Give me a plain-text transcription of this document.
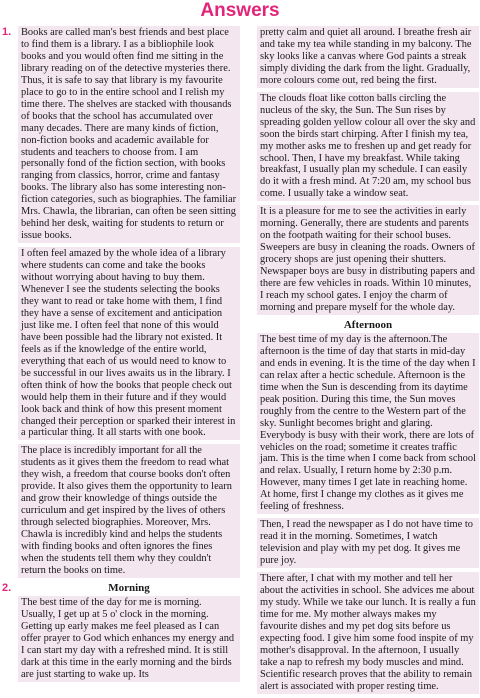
Answers
1. Books are called man's best friends and best place to find them is a library. I as a bibliophile look books and you would often find me sitting in the library reading on of the detective mysteries there. Thus, it is safe to say that library is my favourite place to go to in the entire school and I relish my time there. The shelves are stacked with thousands of books that the school has accumulated over many decades. There are many kinds of fiction, non-fiction books and academic available for students and teachers to choose from. I am personally fond of the fiction section, with books ranging from classics, horror, crime and fantasy books. The library also has some interesting non-fiction categories, such as biographies. The familiar Mrs. Chawla, the librarian, can often be seen sitting behind her desk, waiting for students to return or issue books.

I often feel amazed by the whole idea of a library where students can come and take the books without worrying about having to buy them. Whenever I see the students selecting the books they want to read or take home with them, I find they have a sense of excitement and anticipation just like me. I often feel that none of this would have been possible had the library not existed. It feels as if the knowledge of the entire world, everything that each of us would need to know to be successful in our lives awaits us in the library. I often think of how the books that people check out would help them in their future and if they would look back and think of how this present moment changed their perception or sparked their interest in a particular thing. It all starts with one book.

The place is incredibly important for all the students as it gives them the freedom to read what they wish, a freedom that course books don't often provide. It also gives them the opportunity to learn and grow their knowledge of things outside the curriculum and get inspired by the lives of others through selected biographies. Moreover, Mrs. Chawla is incredibly kind and helps the students with finding books and often ignores the fines when the students tell them why they couldn't return the books on time.

2.	Morning

The best time of the day for me is morning. Usually, I get up at 5 o' clock in the morning. Getting up early makes me feel pleased as I can offer prayer to God which enhances my energy and I can start my day with a refreshed mind. It is still dark at this time in the early morning and the birds are just starting to wake up. Its

pretty calm and quiet all around. I breathe fresh air and take my tea while standing in my balcony. The sky looks like a canvas where God paints a streak simply dividing the dark from the light. Gradually, more colours come out, red being the first.

The clouds float like cotton balls circling the nucleus of the sky, the Sun. The Sun rises by spreading golden yellow colour all over the sky and soon the birds start chirping. After I finish my tea, my mother asks me to freshen up and get ready for school. Then, I have my breakfast. While taking breakfast, I usually plan my schedule. I can easily do it with a fresh mind. At 7:20 am, my school bus come. I usually take a window seat.

It is a pleasure for me to see the activities in early morning. Generally, there are students and parents on the footpath waiting for their school buses. Sweepers are busy in cleaning the roads. Owners of grocery shops are just opening their shutters. Newspaper boys are busy in distributing papers and there are few vehicles in roads. Within 10 minutes, I reach my school gates. I enjoy the charm of morning and prepare myself for the whole day.

Afternoon

The best time of my day is the afternoon.The afternoon is the time of day that starts in mid-day and ends in evening. It is the time of the day when I can relax after a hectic schedule. Afternoon is the time when the Sun is descending from its daytime peak position. During this time, the Sun moves roughly from the centre to the Western part of the sky. Sunlight becomes bright and glaring. Everybody is busy with their work, there are lots of vehicles on the road; sometime it creates traffic jam. This is the time when I come back from school and relax. Usually, I return home by 2:30 p.m. However, many times I get late in reaching home. At home, first I change my clothes as it gives me feeling of freshness.

Then, I read the newspaper as I do not have time to read it in the morning. Sometimes, I watch television and play with my pet dog. It gives me pure joy.

There after, I chat with my mother and tell her about the activities in school. She advices me about my study. While we take our lunch. It is really a fun time for me. My mother always makes my favourite dishes and my pet dog sits before us expecting food. I give him some food inspite of my mother's disapproval. In the afternoon, I usually take a nap to refresh my body muscles and mind. Scientific research proves that the ability to remain alert is associated with proper resting time.
